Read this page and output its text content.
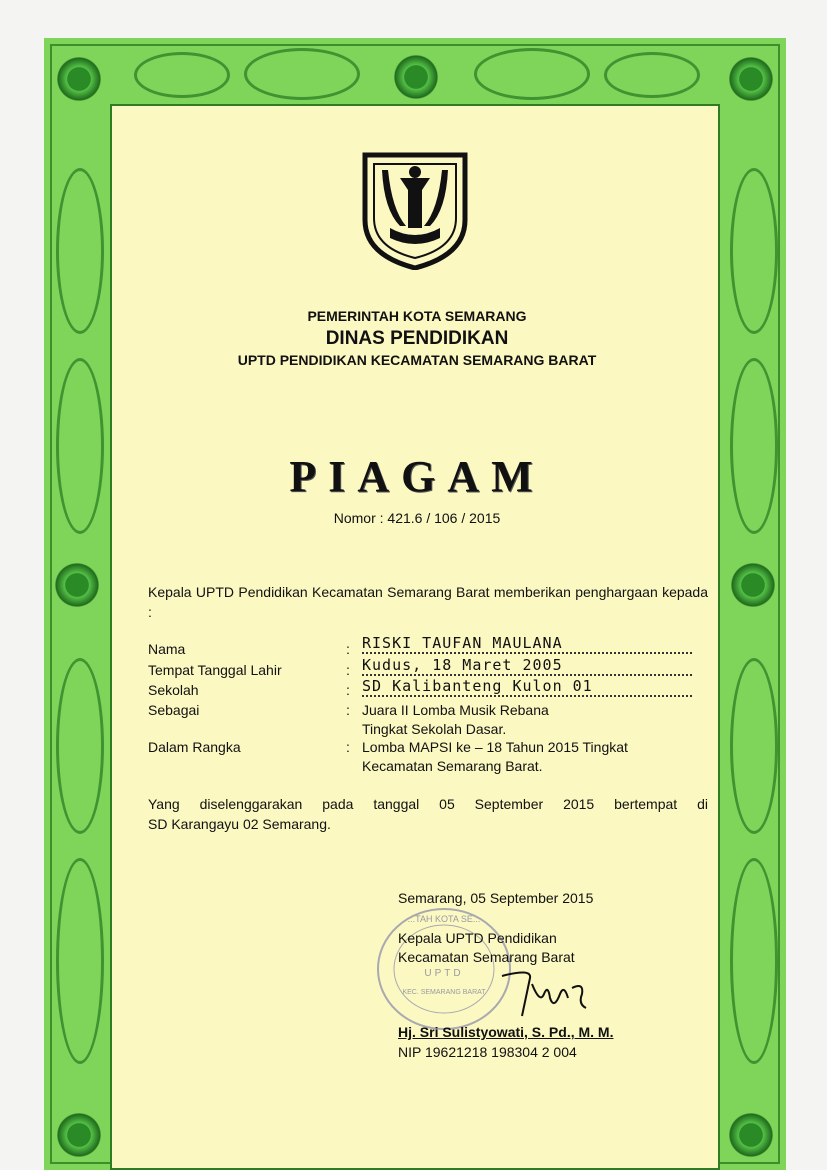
PEMERINTAH KOTA SEMARANG
DINAS PENDIDIKAN
UPTD PENDIDIKAN KECAMATAN SEMARANG BARAT
PIAGAM
Nomor : 421.6 / 106 / 2015
Kepala UPTD Pendidikan Kecamatan Semarang Barat memberikan penghargaan kepada :
Nama	: RISKI TAUFAN MAULANA
Tempat Tanggal Lahir	: Kudus, 18 Maret 2005
Sekolah	: SD Kalibanteng Kulon 01
Sebagai	: Juara II Lomba Musik Rebana
Tingkat Sekolah Dasar.
Dalam Rangka	: Lomba MAPSI ke – 18 Tahun 2015 Tingkat
Kecamatan Semarang Barat.
Yang diselenggarakan pada tanggal 05 September 2015 bertempat di
SD Karangayu 02 Semarang.
Semarang, 05 September 2015
...TAH KOTA SE...
UPTD
KEC. SEMARANG BARAT
Kepala UPTD Pendidikan
Kecamatan Semarang Barat
Hj. Sri Sulistyowati, S. Pd., M. M.
NIP 19621218 198304 2 004
